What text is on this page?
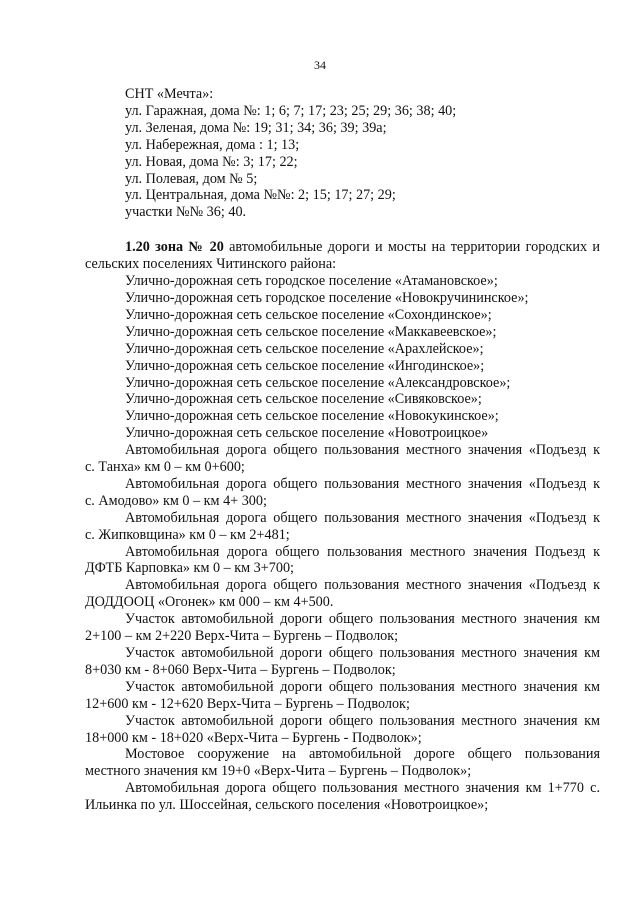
34
СНТ «Мечта»:
ул. Гаражная, дома №: 1; 6; 7; 17; 23; 25; 29; 36; 38; 40;
ул. Зеленая, дома №: 19; 31; 34; 36; 39; 39а;
ул. Набережная, дома : 1; 13;
ул. Новая, дома №: 3; 17; 22;
ул. Полевая, дом № 5;
ул. Центральная, дома №№: 2; 15; 17; 27; 29;
участки №№ 36; 40.
1.20 зона № 20 автомобильные дороги и мосты на территории городских и
сельских поселениях Читинского района:
Улично-дорожная сеть городское поселение «Атамановское»;
Улично-дорожная сеть городское поселение «Новокручининское»;
Улично-дорожная сеть сельское поселение «Сохондинское»;
Улично-дорожная сеть сельское поселение «Маккавеевское»;
Улично-дорожная сеть сельское поселение «Арахлейское»;
Улично-дорожная сеть сельское поселение «Ингодинское»;
Улично-дорожная сеть сельское поселение «Александровское»;
Улично-дорожная сеть сельское поселение «Сивяковское»;
Улично-дорожная сеть сельское поселение «Новокукинское»;
Улично-дорожная сеть сельское поселение «Новотроицкое»
Автомобильная дорога общего пользования местного значения «Подъезд к
с. Танха» км 0 – км 0+600;
Автомобильная дорога общего пользования местного значения «Подъезд к
с. Амодово» км 0 – км 4+ 300;
Автомобильная дорога общего пользования местного значения «Подъезд к
с. Жипковщина» км 0 – км 2+481;
Автомобильная дорога общего пользования местного значения Подъезд к
ДФТБ Карповка» км 0 – км 3+700;
Автомобильная дорога общего пользования местного значения «Подъезд к
ДОДДООЦ «Огонек» км 000 – км 4+500.
Участок автомобильной дороги общего пользования местного значения км
2+100 – км 2+220 Верх-Чита – Бургень – Подволок;
Участок автомобильной дороги общего пользования местного значения км
8+030 км - 8+060 Верх-Чита – Бургень – Подволок;
Участок автомобильной дороги общего пользования местного значения км
12+600 км - 12+620 Верх-Чита – Бургень – Подволок;
Участок автомобильной дороги общего пользования местного значения км
18+000 км - 18+020 «Верх-Чита – Бургень - Подволок»;
Мостовое сооружение на автомобильной дороге общего пользования
местного значения км 19+0 «Верх-Чита – Бургень – Подволок»;
Автомобильная дорога общего пользования местного значения км 1+770 с.
Ильинка по ул. Шоссейная, сельского поселения «Новотроицкое»;
